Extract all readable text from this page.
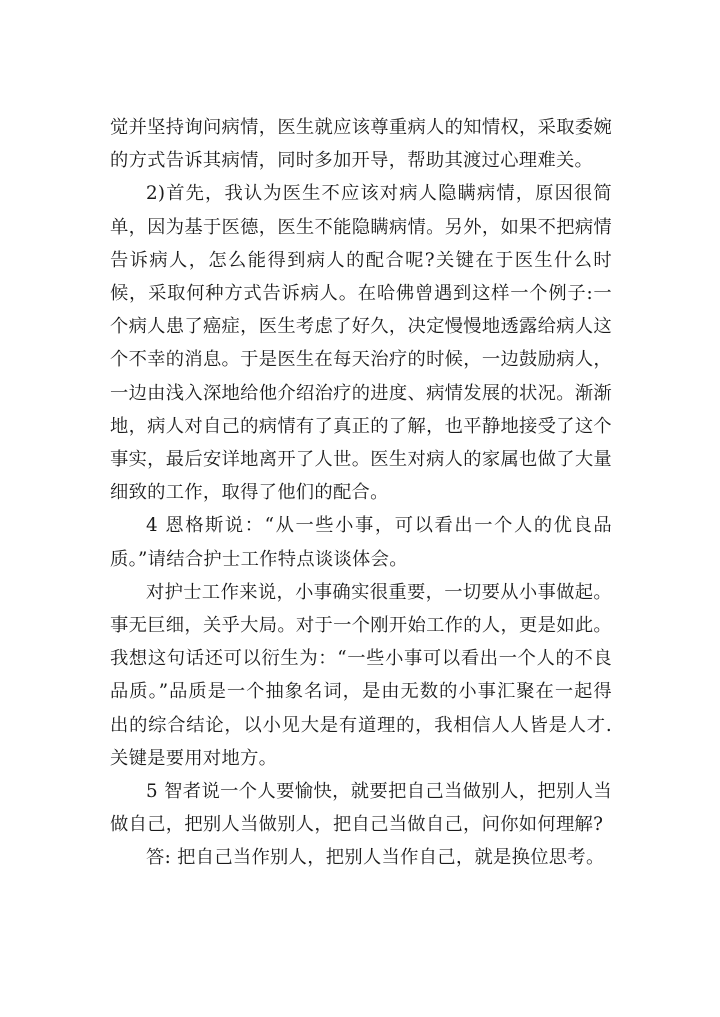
觉并坚持询问病情，医生就应该尊重病人的知情权，采取委婉的方式告诉其病情，同时多加开导，帮助其渡过心理难关。

2)首先，我认为医生不应该对病人隐瞒病情，原因很简单，因为基于医德，医生不能隐瞒病情。另外，如果不把病情告诉病人，怎么能得到病人的配合呢?关键在于医生什么时候，采取何种方式告诉病人。在哈佛曾遇到这样一个例子:一个病人患了癌症，医生考虑了好久，决定慢慢地透露给病人这个不幸的消息。于是医生在每天治疗的时候，一边鼓励病人，一边由浅入深地给他介绍治疗的进度、病情发展的状况。渐渐地，病人对自己的病情有了真正的了解，也平静地接受了这个事实，最后安详地离开了人世。医生对病人的家属也做了大量细致的工作，取得了他们的配合。

4 恩格斯说：“从一些小事，可以看出一个人的优良品质。”请结合护士工作特点谈谈体会。

对护士工作来说，小事确实很重要，一切要从小事做起。事无巨细，关乎大局。对于一个刚开始工作的人，更是如此。我想这句话还可以衍生为：“一些小事可以看出一个人的不良品质。”品质是一个抽象名词，是由无数的小事汇聚在一起得出的综合结论，以小见大是有道理的，我相信人人皆是人才.关键是要用对地方。

5 智者说一个人要愉快，就要把自己当做别人，把别人当做自己，把别人当做别人，把自己当做自己，问你如何理解?

答: 把自己当作别人，把别人当作自己，就是换位思考。
